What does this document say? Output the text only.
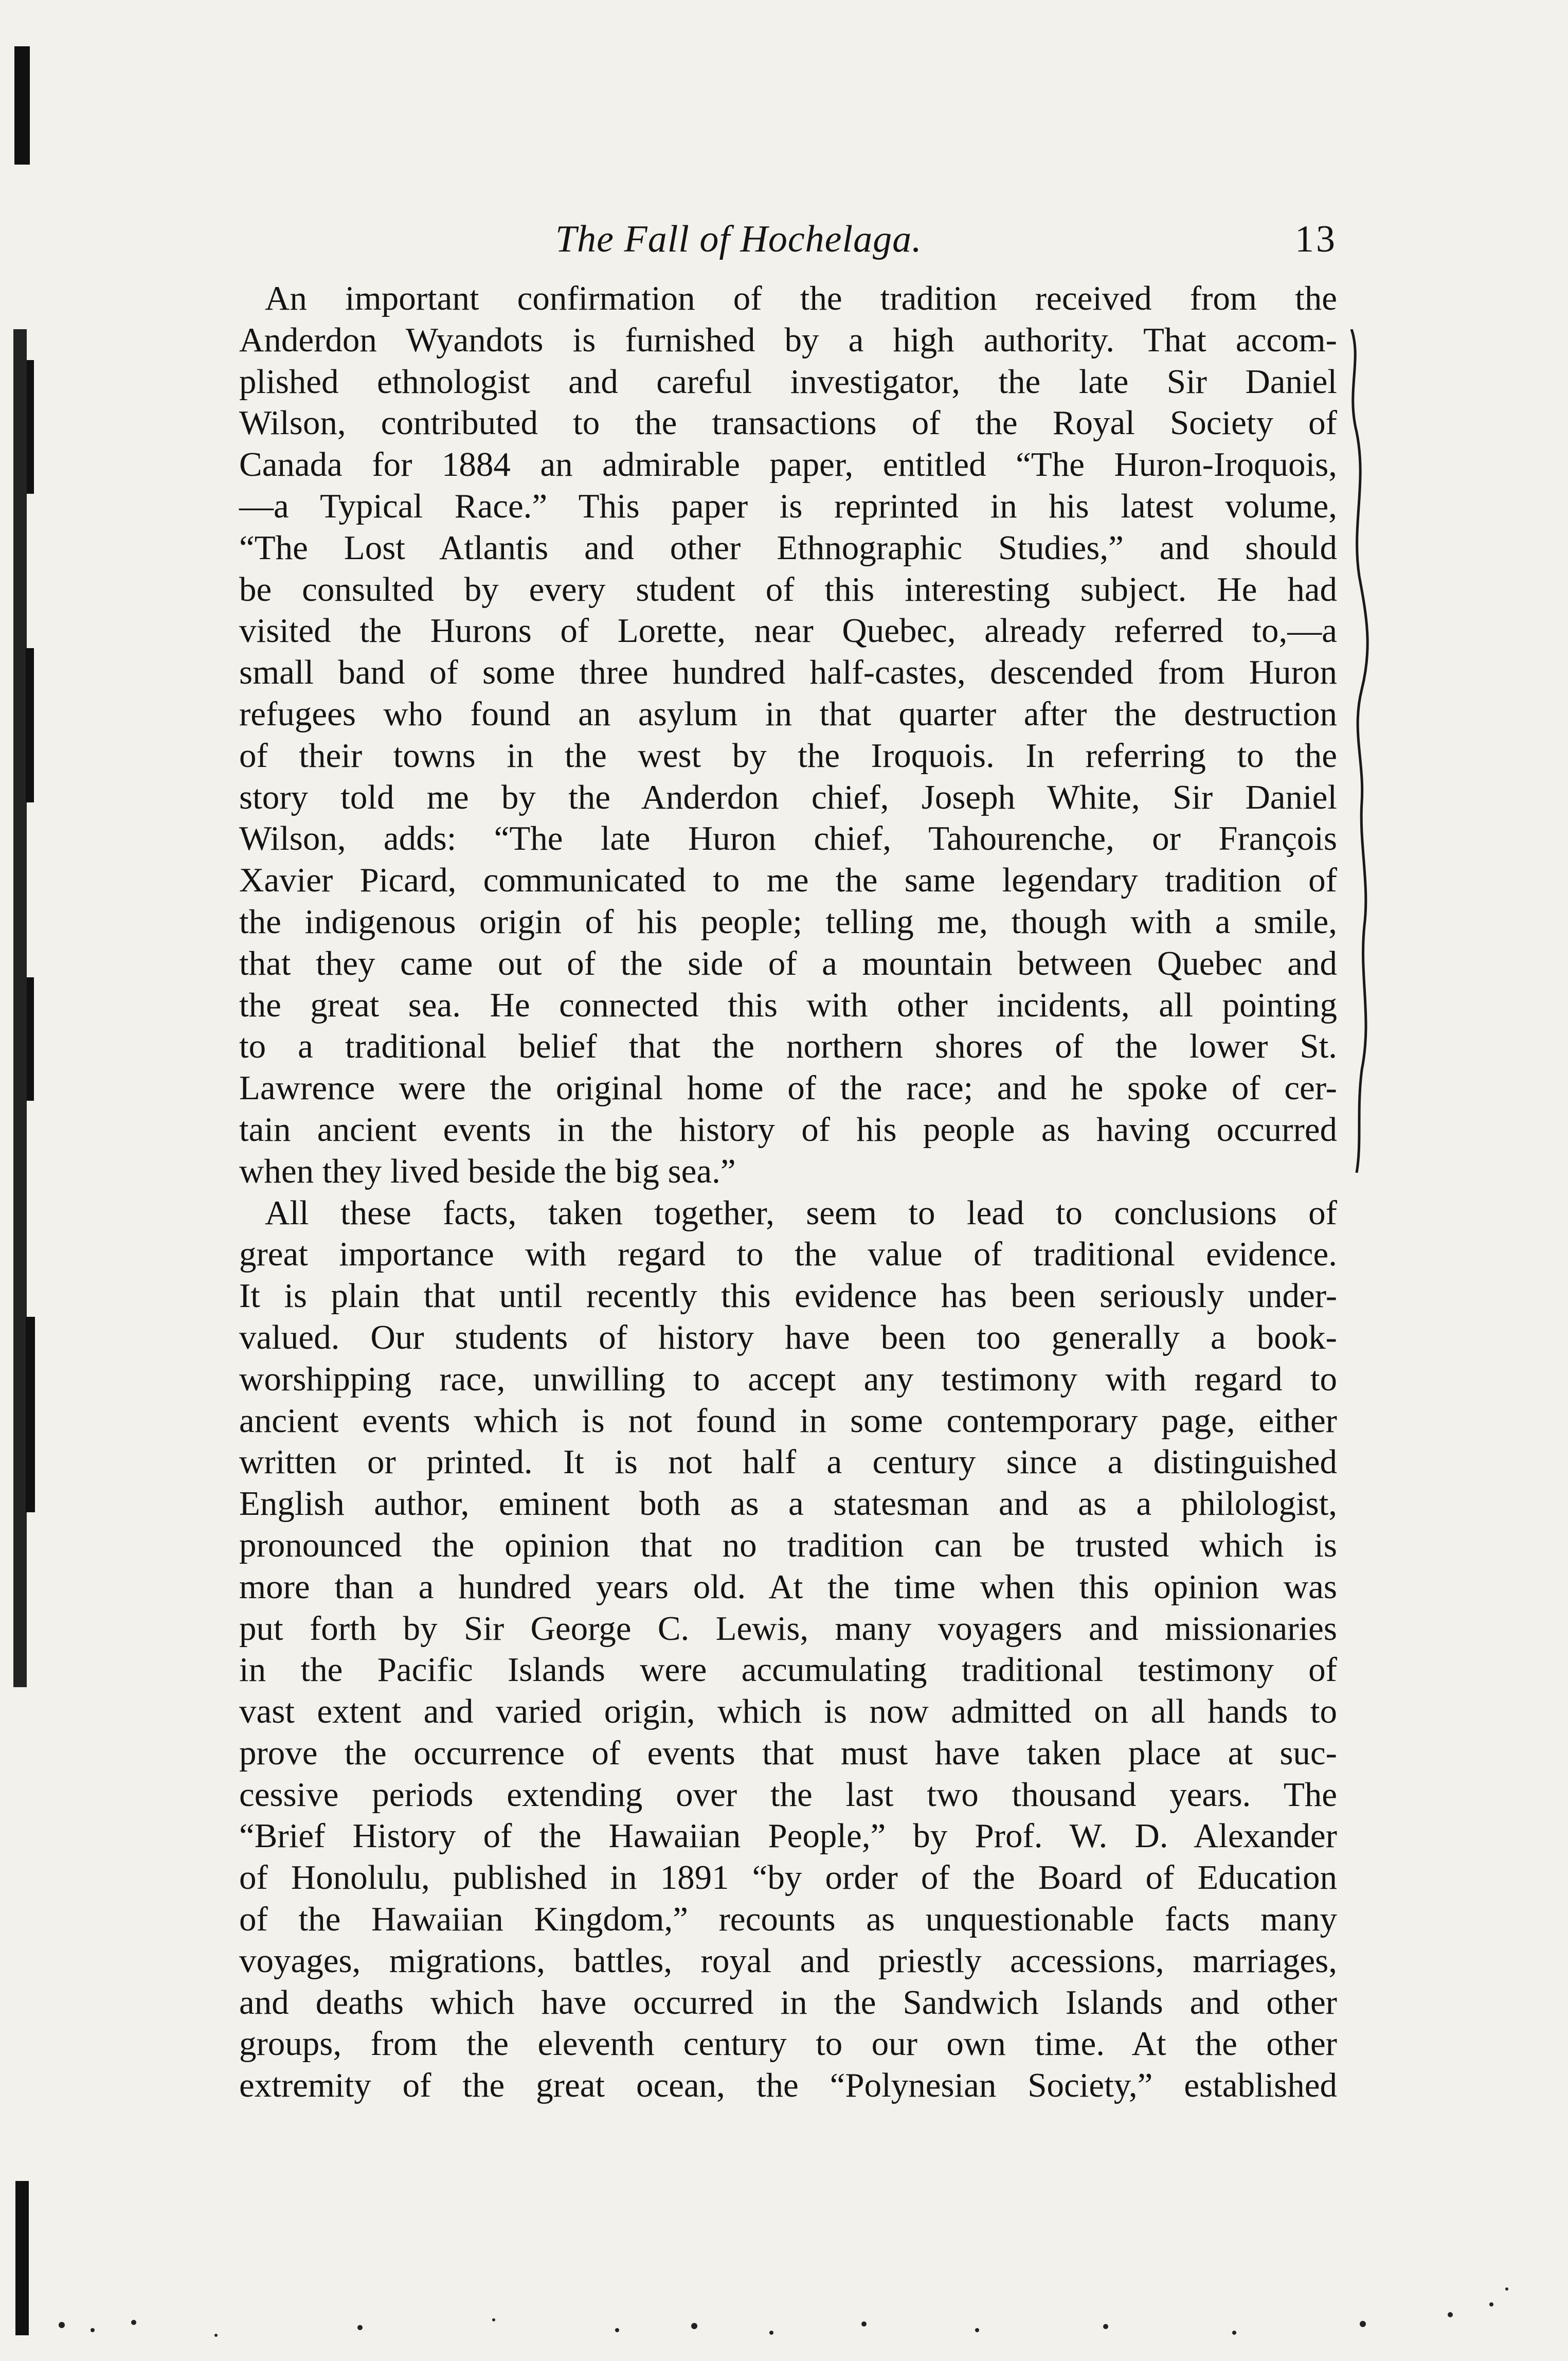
The Fall of Hochelaga.	13
An important confirmation of the tradition received from the
Anderdon Wyandots is furnished by a high authority. That accom-
plished ethnologist and careful investigator, the late Sir Daniel
Wilson, contributed to the transactions of the Royal Society of
Canada for 1884 an admirable paper, entitled “The Huron-Iroquois,
—a Typical Race.” This paper is reprinted in his latest volume,
“The Lost Atlantis and other Ethnographic Studies,” and should
be consulted by every student of this interesting subject. He had
visited the Hurons of Lorette, near Quebec, already referred to,—a
small band of some three hundred half-castes, descended from Huron
refugees who found an asylum in that quarter after the destruction
of their towns in the west by the Iroquois. In referring to the
story told me by the Anderdon chief, Joseph White, Sir Daniel
Wilson, adds: “The late Huron chief, Tahourenche, or François
Xavier Picard, communicated to me the same legendary tradition of
the indigenous origin of his people; telling me, though with a smile,
that they came out of the side of a mountain between Quebec and
the great sea. He connected this with other incidents, all pointing
to a traditional belief that the northern shores of the lower St.
Lawrence were the original home of the race; and he spoke of cer-
tain ancient events in the history of his people as having occurred
when they lived beside the big sea.”
All these facts, taken together, seem to lead to conclusions of
great importance with regard to the value of traditional evidence.
It is plain that until recently this evidence has been seriously under-
valued. Our students of history have been too generally a book-
worshipping race, unwilling to accept any testimony with regard to
ancient events which is not found in some contemporary page, either
written or printed. It is not half a century since a distinguished
English author, eminent both as a statesman and as a philologist,
pronounced the opinion that no tradition can be trusted which is
more than a hundred years old. At the time when this opinion was
put forth by Sir George C. Lewis, many voyagers and missionaries
in the Pacific Islands were accumulating traditional testimony of
vast extent and varied origin, which is now admitted on all hands to
prove the occurrence of events that must have taken place at suc-
cessive periods extending over the last two thousand years. The
“Brief History of the Hawaiian People,” by Prof. W. D. Alexander
of Honolulu, published in 1891 “by order of the Board of Education
of the Hawaiian Kingdom,” recounts as unquestionable facts many
voyages, migrations, battles, royal and priestly accessions, marriages,
and deaths which have occurred in the Sandwich Islands and other
groups, from the eleventh century to our own time. At the other
extremity of the great ocean, the “Polynesian Society,” established
